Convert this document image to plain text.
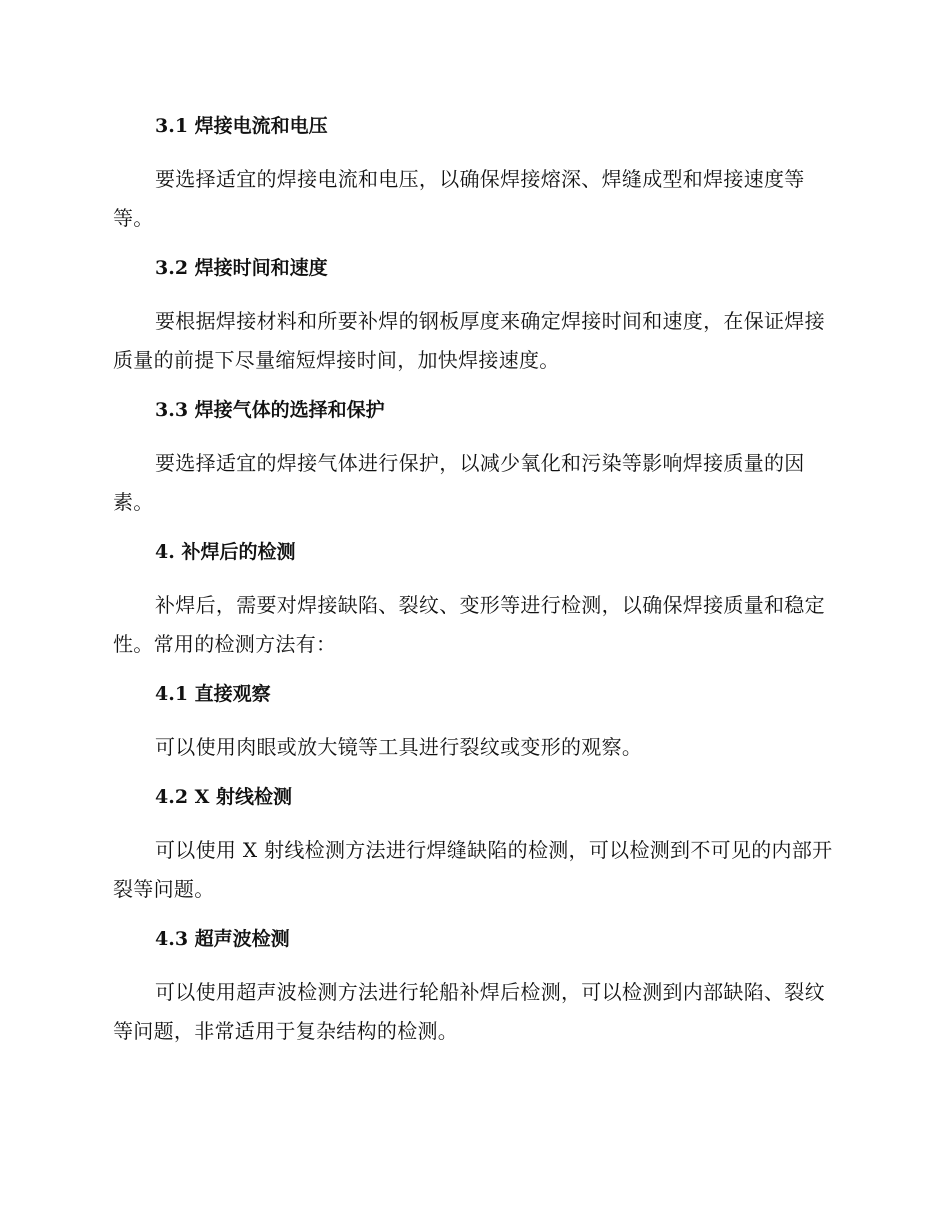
3.1 焊接电流和电压

要选择适宜的焊接电流和电压，以确保焊接熔深、焊缝成型和焊接速度等等。

3.2 焊接时间和速度

要根据焊接材料和所要补焊的钢板厚度来确定焊接时间和速度，在保证焊接质量的前提下尽量缩短焊接时间，加快焊接速度。

3.3 焊接气体的选择和保护

要选择适宜的焊接气体进行保护，以减少氧化和污染等影响焊接质量的因素。

4. 补焊后的检测

补焊后，需要对焊接缺陷、裂纹、变形等进行检测，以确保焊接质量和稳定性。常用的检测方法有：

4.1 直接观察

可以使用肉眼或放大镜等工具进行裂纹或变形的观察。

4.2 X 射线检测

可以使用 X 射线检测方法进行焊缝缺陷的检测，可以检测到不可见的内部开裂等问题。

4.3 超声波检测

可以使用超声波检测方法进行轮船补焊后检测，可以检测到内部缺陷、裂纹等问题，非常适用于复杂结构的检测。
